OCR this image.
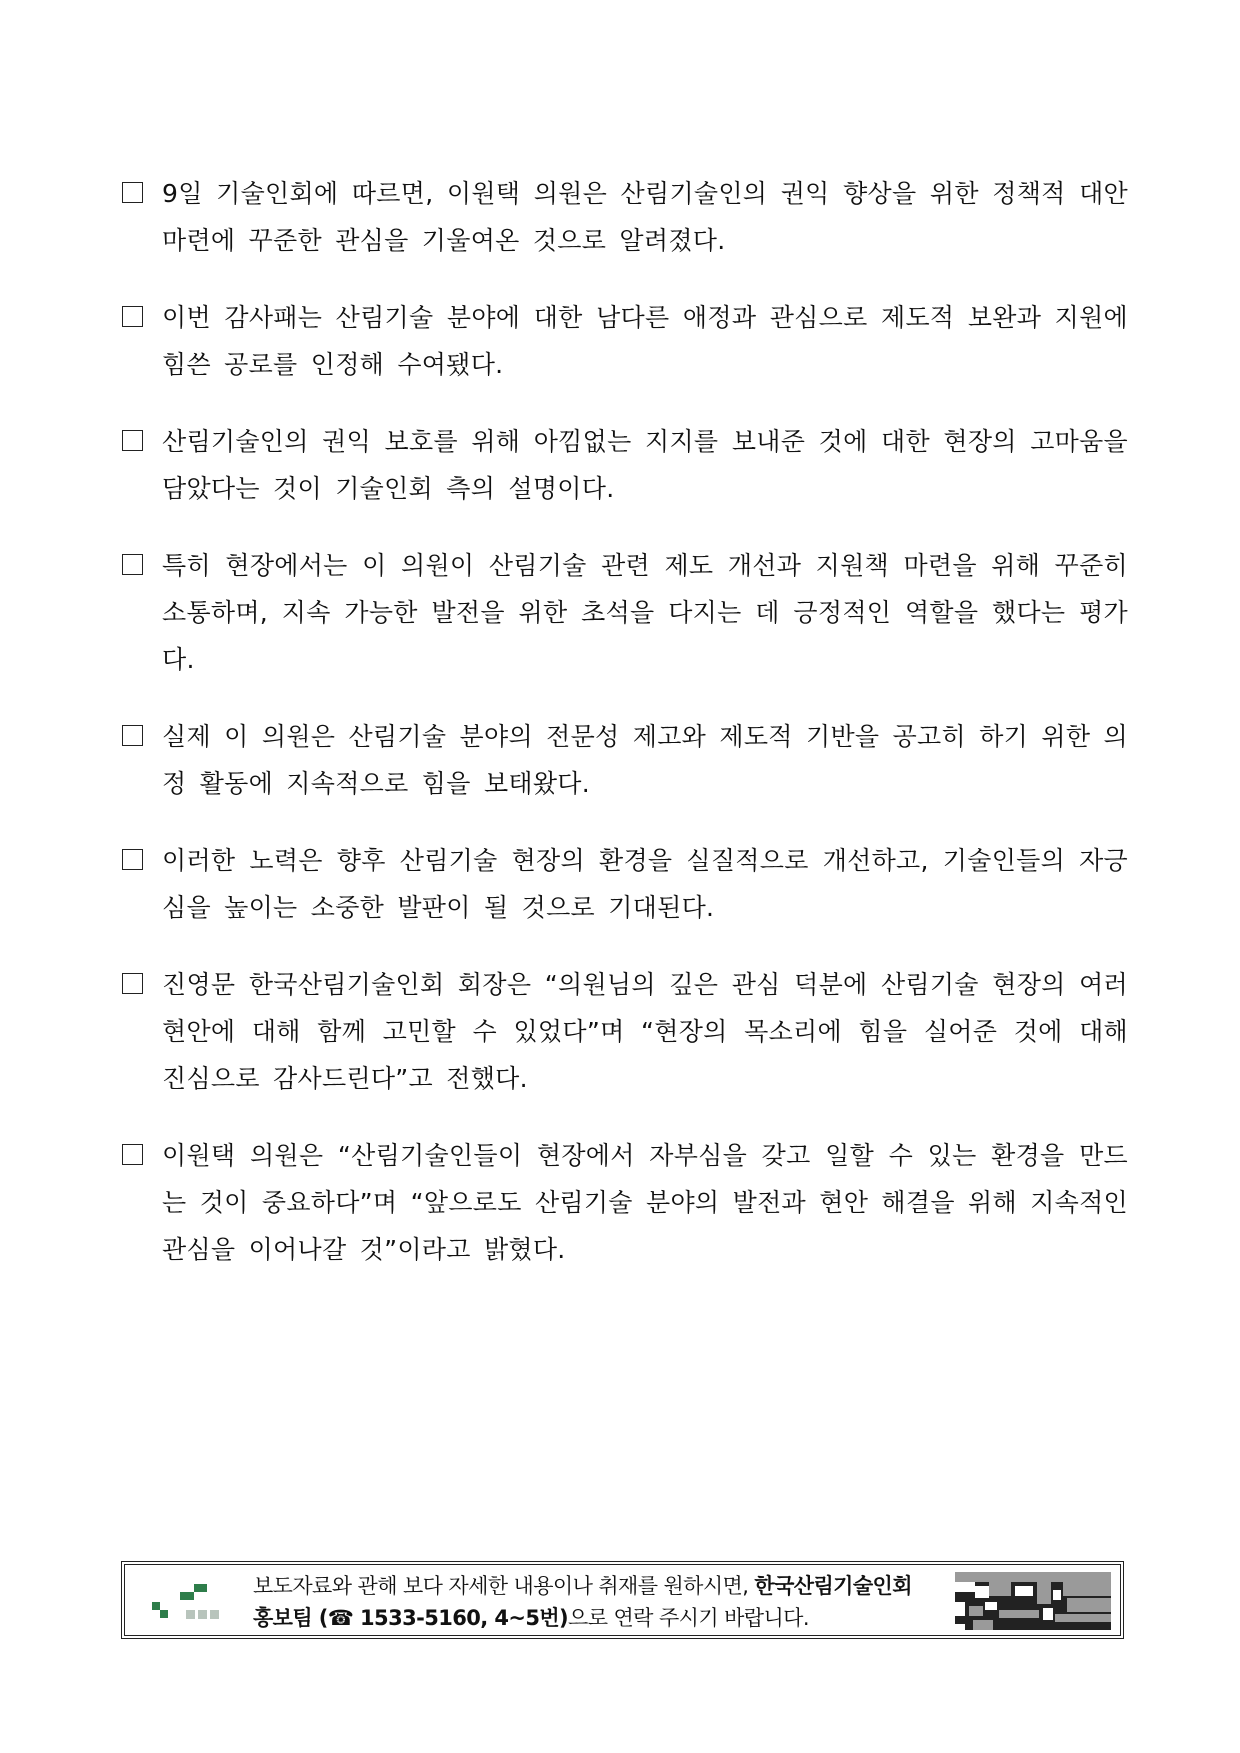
9일 기술인회에 따르면, 이원택 의원은 산림기술인의 권익 향상을 위한 정책적 대안 마련에 꾸준한 관심을 기울여온 것으로 알려졌다.
이번 감사패는 산림기술 분야에 대한 남다른 애정과 관심으로 제도적 보완과 지원에 힘쓴 공로를 인정해 수여됐다.
산림기술인의 권익 보호를 위해 아낌없는 지지를 보내준 것에 대한 현장의 고마움을 담았다는 것이 기술인회 측의 설명이다.
특히 현장에서는 이 의원이 산림기술 관련 제도 개선과 지원책 마련을 위해 꾸준히 소통하며, 지속 가능한 발전을 위한 초석을 다지는 데 긍정적인 역할을 했다는 평가다.
실제 이 의원은 산림기술 분야의 전문성 제고와 제도적 기반을 공고히 하기 위한 의정 활동에 지속적으로 힘을 보태왔다.
이러한 노력은 향후 산림기술 현장의 환경을 실질적으로 개선하고, 기술인들의 자긍심을 높이는 소중한 발판이 될 것으로 기대된다.
진영문 한국산림기술인회 회장은 “의원님의 깊은 관심 덕분에 산림기술 현장의 여러 현안에 대해 함께 고민할 수 있었다”며 “현장의 목소리에 힘을 실어준 것에 대해 진심으로 감사드린다”고 전했다.
이원택 의원은 “산림기술인들이 현장에서 자부심을 갖고 일할 수 있는 환경을 만드는 것이 중요하다”며 “앞으로도 산림기술 분야의 발전과 현안 해결을 위해 지속적인 관심을 이어나갈 것”이라고 밝혔다.
보도자료와 관해 보다 자세한 내용이나 취재를 원하시면, 한국산림기술인회
홍보팀 (☎ 1533-5160, 4~5번)으로 연락 주시기 바랍니다.
